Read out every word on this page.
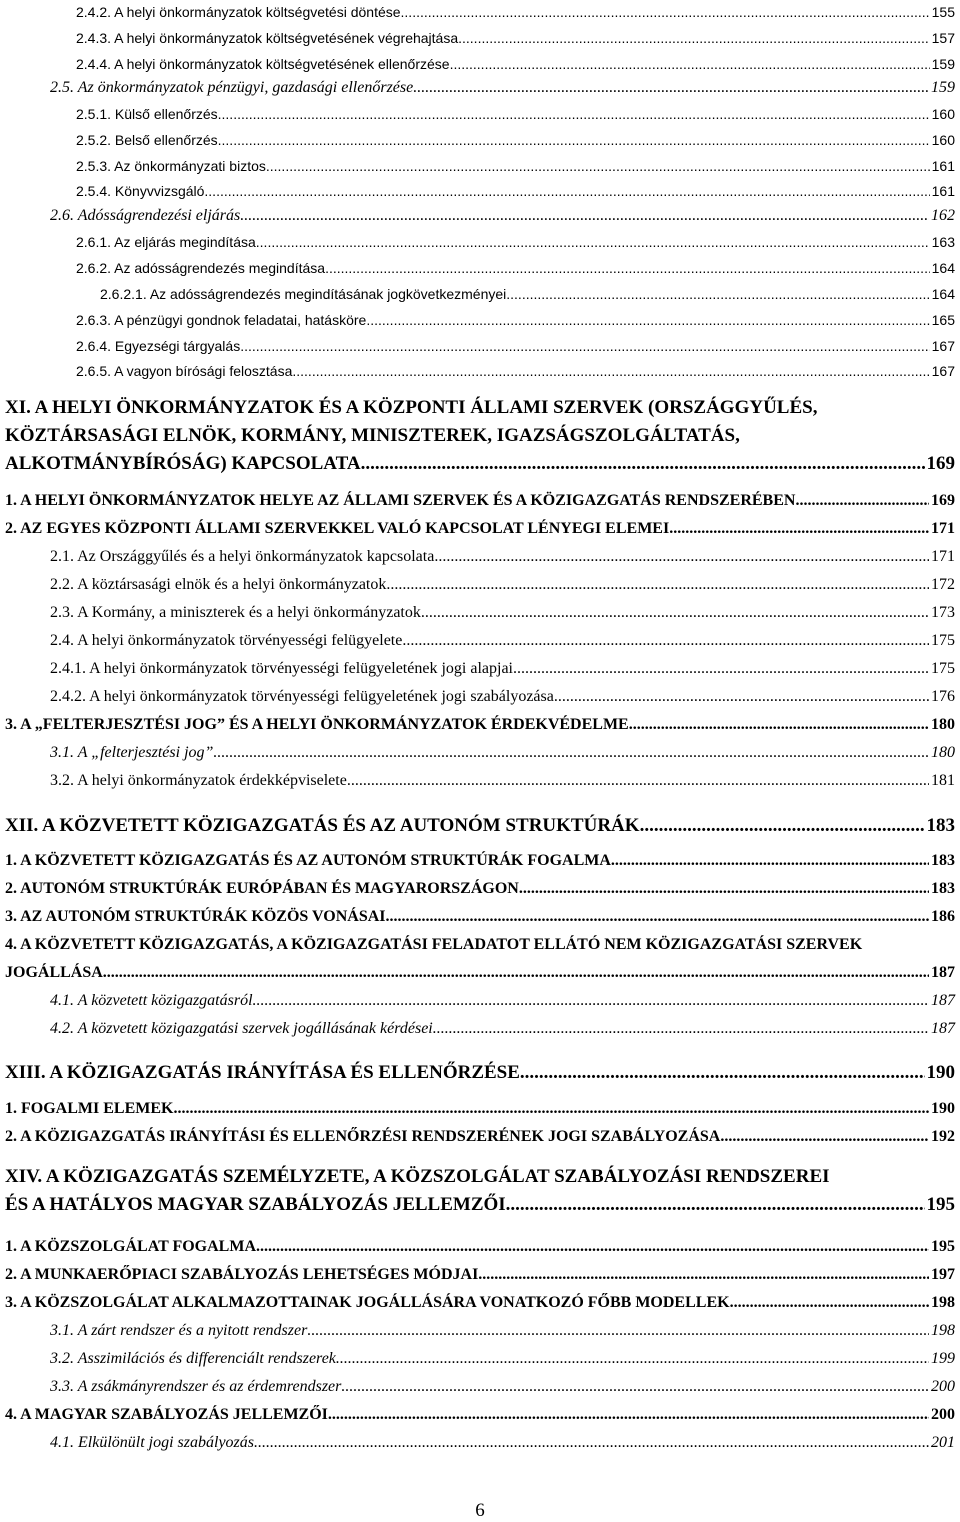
2.4.2. A helyi önkormányzatok költségvetési döntése .....	155
2.4.3. A helyi önkormányzatok költségvetésének végrehajtása .....	157
2.4.4. A helyi önkormányzatok költségvetésének ellenőrzése .....	159
2.5. Az önkormányzatok pénzügyi, gazdasági ellenőrzése .....	159
2.5.1. Külső ellenőrzés .....	160
2.5.2. Belső ellenőrzés .....	160
2.5.3. Az önkormányzati biztos .....	161
2.5.4. Könyvvizsgáló .....	161
2.6. Adósságrendezési eljárás .....	162
2.6.1. Az eljárás megindítása .....	163
2.6.2. Az adósságrendezés megindítása .....	164
2.6.2.1. Az adósságrendezés megindításának jogkövetkezményei .....	164
2.6.3. A pénzügyi gondnok feladatai, hatásköre .....	165
2.6.4. Egyezségi tárgyalás .....	167
2.6.5. A vagyon bírósági felosztása .....	167
XI. A HELYI ÖNKORMÁNYZATOK ÉS A KÖZPONTI ÁLLAMI SZERVEK (ORSZÁGGYŰLÉS,
KÖZTÁRSASÁGI ELNÖK, KORMÁNY, MINISZTEREK, IGAZSÁGSZOLGÁLTATÁS,
ALKOTMÁNYBÍRÓSÁG) KAPCSOLATA .....	169
1. A HELYI ÖNKORMÁNYZATOK HELYE AZ ÁLLAMI SZERVEK ÉS A KÖZIGAZGATÁS RENDSZERÉBEN .....	169
2. AZ EGYES KÖZPONTI ÁLLAMI SZERVEKKEL VALÓ KAPCSOLAT LÉNYEGI ELEMEI .....	171
2.1. Az Országgyűlés és a helyi önkormányzatok kapcsolata .....	171
2.2. A köztársasági elnök és a helyi önkormányzatok .....	172
2.3. A Kormány, a miniszterek és a helyi önkormányzatok .....	173
2.4. A helyi önkormányzatok törvényességi felügyelete .....	175
2.4.1. A helyi önkormányzatok törvényességi felügyeletének jogi alapjai .....	175
2.4.2. A helyi önkormányzatok törvényességi felügyeletének jogi szabályozása .....	176
3. A „FELTERJESZTÉSI JOG” ÉS A HELYI ÖNKORMÁNYZATOK ÉRDEKVÉDELME .....	180
3.1. A „felterjesztési jog” .....	180
3.2. A helyi önkormányzatok érdekképviselete .....	181
XII. A KÖZVETETT KÖZIGAZGATÁS ÉS AZ AUTONÓM STRUKTÚRÁK .....	183
1. A KÖZVETETT KÖZIGAZGATÁS ÉS AZ AUTONÓM STRUKTÚRÁK FOGALMA .....	183
2. AUTONÓM STRUKTÚRÁK EURÓPÁBAN ÉS MAGYARORSZÁGON .....	183
3. AZ AUTONÓM STRUKTÚRÁK KÖZÖS VONÁSAI .....	186
4. A KÖZVETETT KÖZIGAZGATÁS, A KÖZIGAZGATÁSI FELADATOT ELLÁTÓ NEM KÖZIGAZGATÁSI SZERVEK
JOGÁLLÁSA .....	187
4.1. A közvetett közigazgatásról .....	187
4.2. A közvetett közigazgatási szervek jogállásának kérdései .....	187
XIII. A KÖZIGAZGATÁS IRÁNYÍTÁSA ÉS ELLENŐRZÉSE .....	190
1. FOGALMI ELEMEK .....	190
2. A KÖZIGAZGATÁS IRÁNYÍTÁSI ÉS ELLENŐRZÉSI RENDSZERÉNEK JOGI SZABÁLYOZÁSA .....	192
XIV. A KÖZIGAZGATÁS SZEMÉLYZETE, A KÖZSZOLGÁLAT SZABÁLYOZÁSI RENDSZEREI
ÉS A HATÁLYOS MAGYAR SZABÁLYOZÁS JELLEMZŐI .....	195
1. A KÖZSZOLGÁLAT FOGALMA .....	195
2. A MUNKAERŐPIACI SZABÁLYOZÁS LEHETSÉGES MÓDJAI .....	197
3. A KÖZSZOLGÁLAT ALKALMAZOTTAINAK JOGÁLLÁSÁRA VONATKOZÓ FŐBB MODELLEK .....	198
3.1. A zárt rendszer és a nyitott rendszer .....	198
3.2. Asszimilációs és differenciált rendszerek .....	199
3.3. A zsákmányrendszer és az érdemrendszer .....	200
4. A MAGYAR SZABÁLYOZÁS JELLEMZŐI .....	200
4.1. Elkülönült jogi szabályozás .....	201
6
